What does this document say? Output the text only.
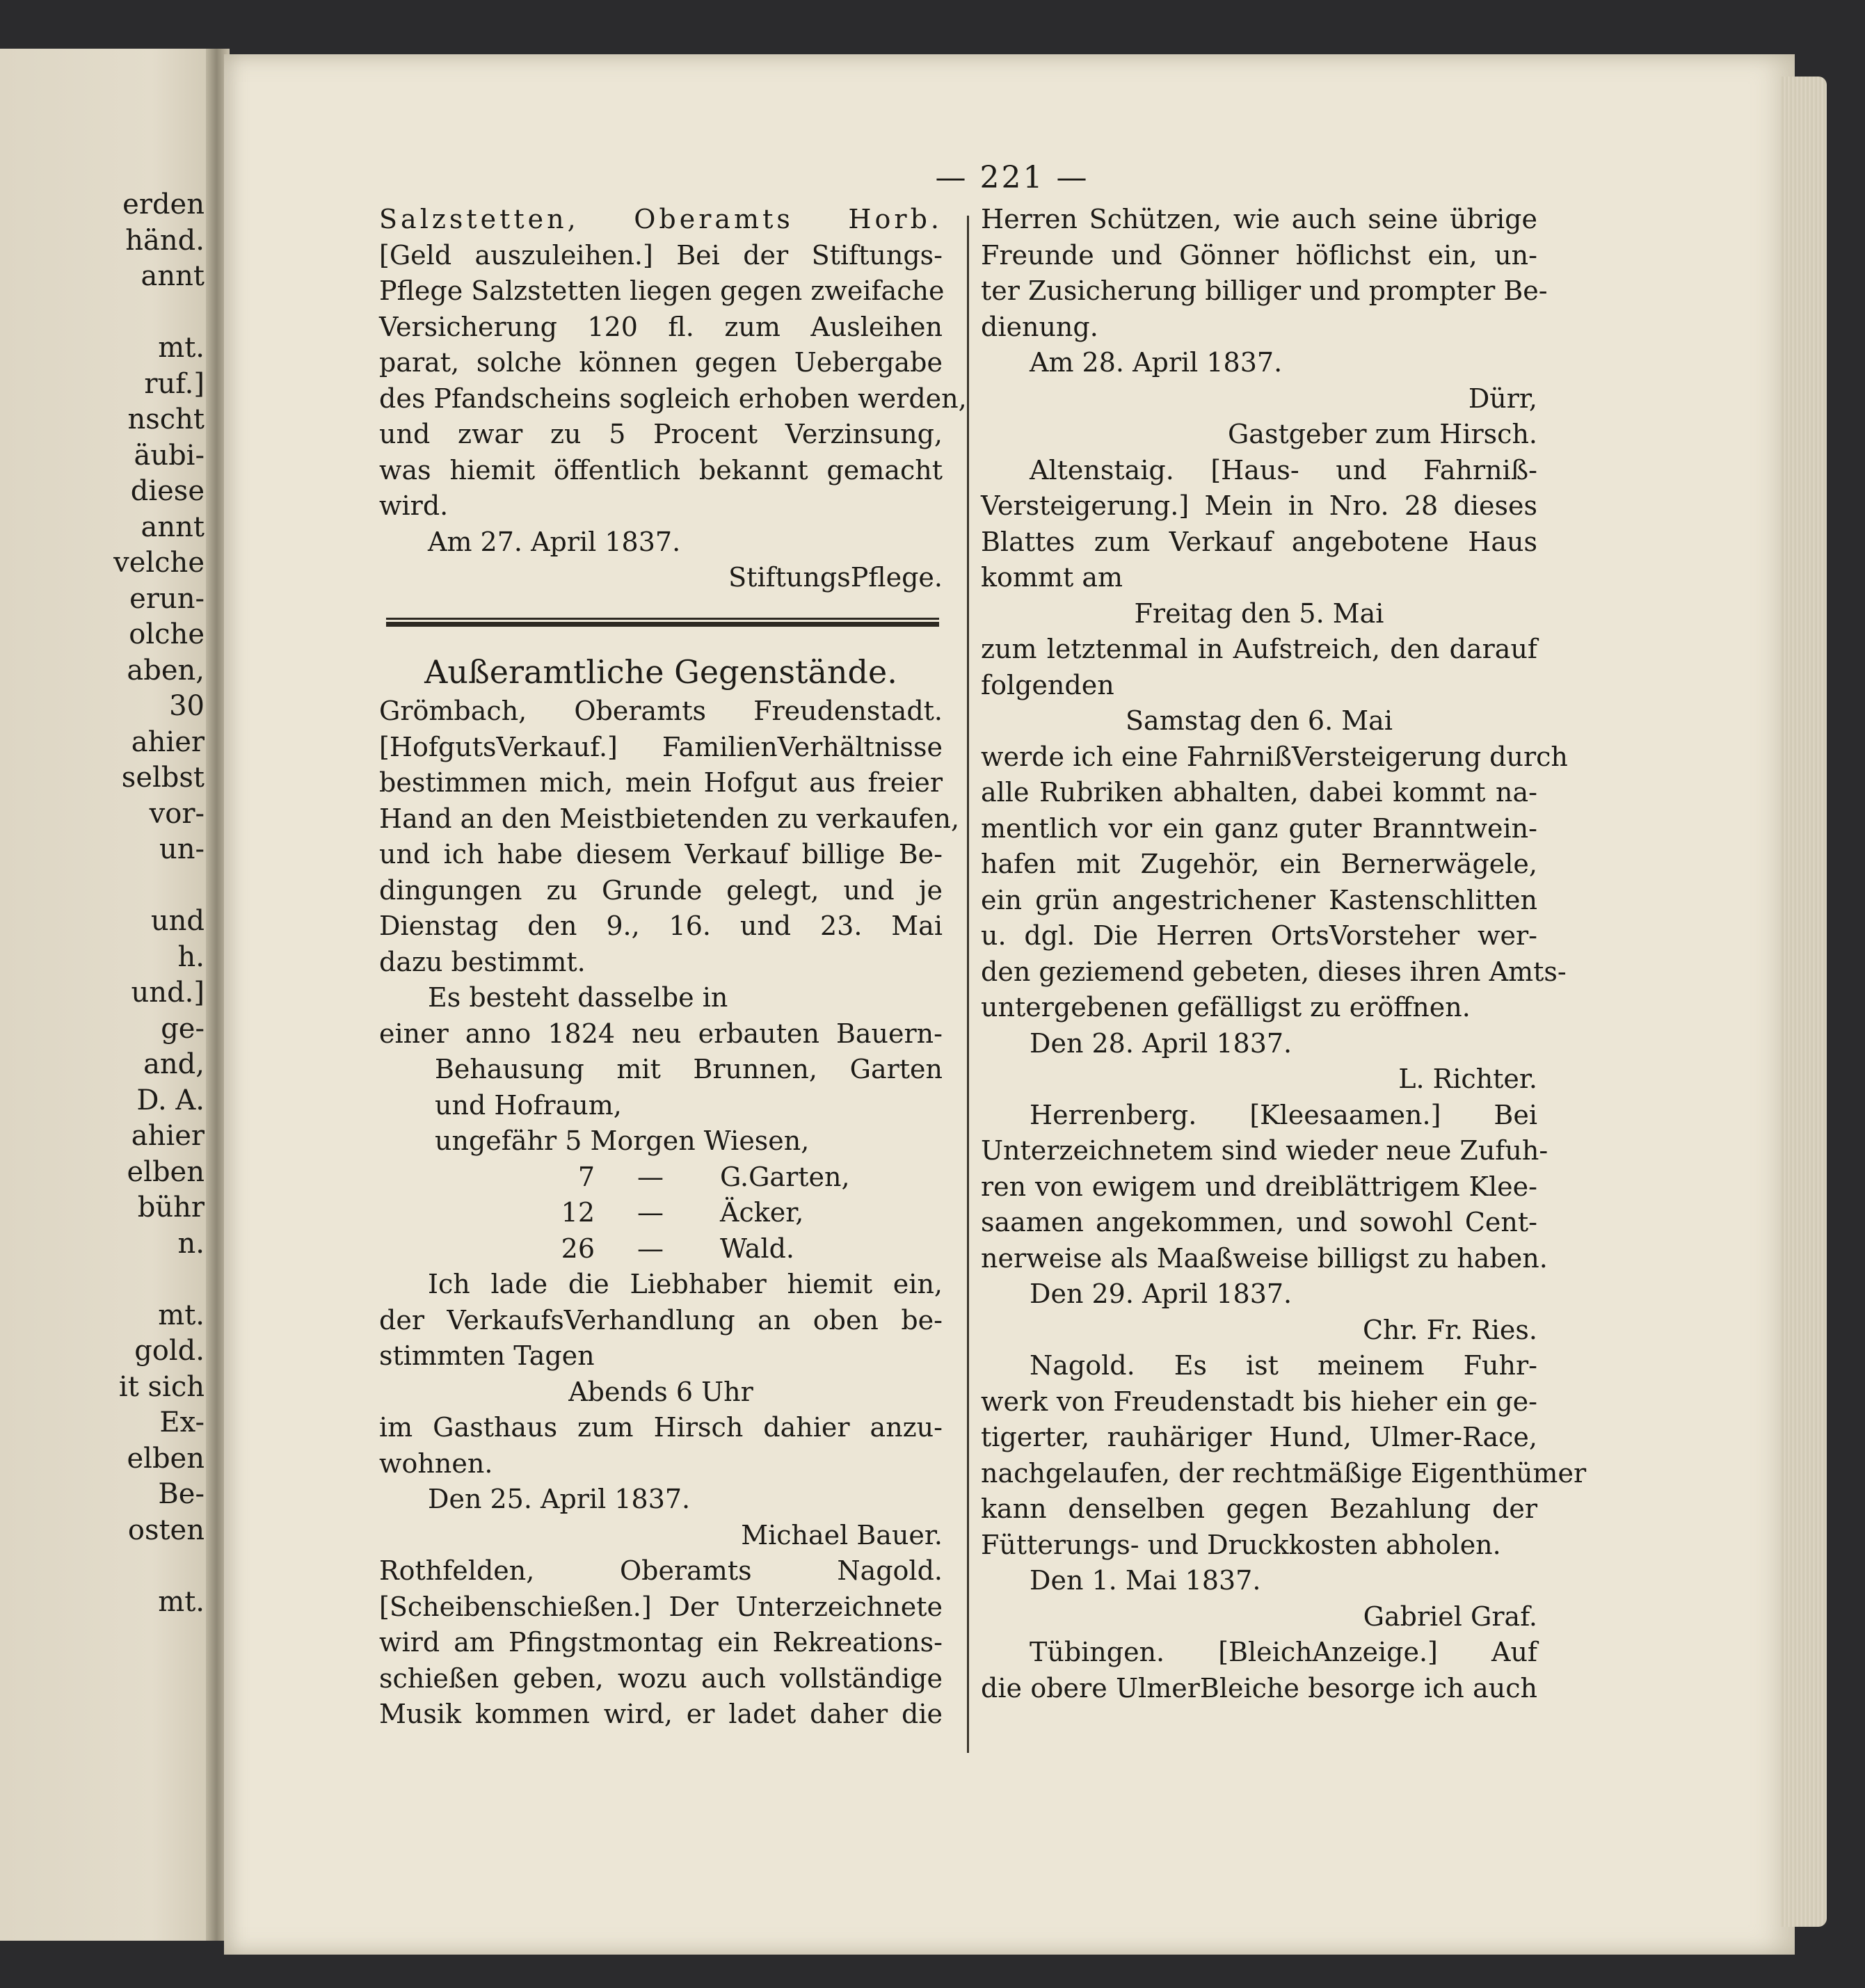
erden
händ.
annt
mt.
ruf.]
nscht
äubi-
diese
annt
velche
erun-
olche
aben,
30
ahier
selbst
vor-
un-
und
h.
und.]
ge-
and,
D. A.
ahier
elben
bühr
n.
mt.
gold.
it sich
Ex-
elben
Be-
osten
mt.
— 221 —
Salzstetten, Oberamts Horb.
[Geld auszuleihen.] Bei der Stiftungs-
Pflege Salzstetten liegen gegen zweifache
Versicherung 120 fl. zum Ausleihen
parat, solche können gegen Uebergabe
des Pfandscheins sogleich erhoben werden,
und zwar zu 5 Procent Verzinsung,
was hiemit öffentlich bekannt gemacht
wird.
Am 27. April 1837.
StiftungsPflege.
Außeramtliche Gegenstände.
Grömbach, Oberamts Freudenstadt.
[HofgutsVerkauf.] FamilienVerhältnisse
bestimmen mich, mein Hofgut aus freier
Hand an den Meistbietenden zu verkaufen,
und ich habe diesem Verkauf billige Be-
dingungen zu Grunde gelegt, und je
Dienstag den 9., 16. und 23. Mai
dazu bestimmt.
Es besteht dasselbe in
einer anno 1824 neu erbauten Bauern-
Behausung mit Brunnen, Garten
und Hofraum,
ungefähr 5 Morgen Wiesen,
7	—	G.Garten,
12	—	Äcker,
26	—	Wald.
Ich lade die Liebhaber hiemit ein,
der VerkaufsVerhandlung an oben be-
stimmten Tagen
Abends 6 Uhr
im Gasthaus zum Hirsch dahier anzu-
wohnen.
Den 25. April 1837.
Michael Bauer.
Rothfelden, Oberamts Nagold.
[Scheibenschießen.] Der Unterzeichnete
wird am Pfingstmontag ein Rekreations-
schießen geben, wozu auch vollständige
Musik kommen wird, er ladet daher die
Herren Schützen, wie auch seine übrige
Freunde und Gönner höflichst ein, un-
ter Zusicherung billiger und prompter Be-
dienung.
Am 28. April 1837.
Dürr,
Gastgeber zum Hirsch.
Altenstaig. [Haus- und Fahrniß-
Versteigerung.] Mein in Nro. 28 dieses
Blattes zum Verkauf angebotene Haus
kommt am
Freitag den 5. Mai
zum letztenmal in Aufstreich, den darauf
folgenden
Samstag den 6. Mai
werde ich eine FahrnißVersteigerung durch
alle Rubriken abhalten, dabei kommt na-
mentlich vor ein ganz guter Branntwein-
hafen mit Zugehör, ein Bernerwägele,
ein grün angestrichener Kastenschlitten
u. dgl. Die Herren OrtsVorsteher wer-
den geziemend gebeten, dieses ihren Amts-
untergebenen gefälligst zu eröffnen.
Den 28. April 1837.
L. Richter.
Herrenberg. [Kleesaamen.] Bei
Unterzeichnetem sind wieder neue Zufuh-
ren von ewigem und dreiblättrigem Klee-
saamen angekommen, und sowohl Cent-
nerweise als Maaßweise billigst zu haben.
Den 29. April 1837.
Chr. Fr. Ries.
Nagold. Es ist meinem Fuhr-
werk von Freudenstadt bis hieher ein ge-
tigerter, rauhäriger Hund, Ulmer-Race,
nachgelaufen, der rechtmäßige Eigenthümer
kann denselben gegen Bezahlung der
Fütterungs- und Druckkosten abholen.
Den 1. Mai 1837.
Gabriel Graf.
Tübingen. [BleichAnzeige.] Auf
die obere UlmerBleiche besorge ich auch
